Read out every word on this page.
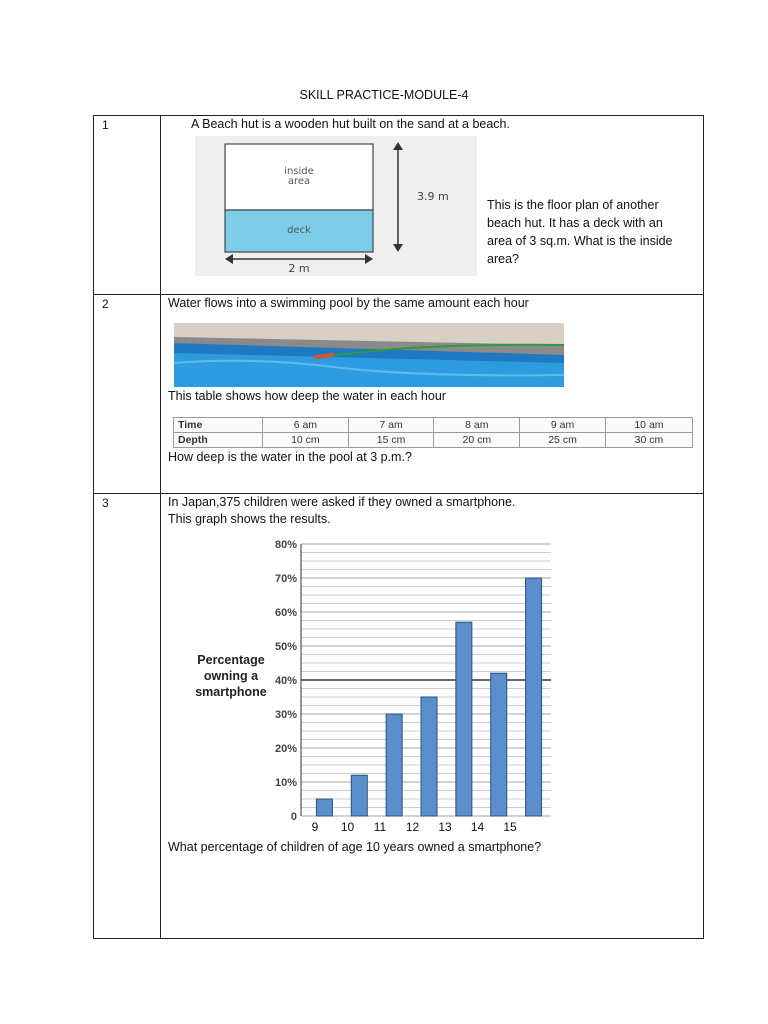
SKILL PRACTICE-MODULE-4
1	A Beach hut is a wooden hut built on the sand at a beach.
inside
area
deck
3.9 m
2 m
This is the floor plan of another beach hut. It has a deck with an area of 3 sq.m. What is the inside area?

2	Water flows into a swimming pool by the same amount each hour
This table shows how deep the water in each hour
Time	6 am	7 am	8 am	9 am	10 am
Depth	10 cm	15 cm	20 cm	25 cm	30 cm
How deep is the water in the pool at 3 p.m.?

3	In Japan,375 children were asked if they owned a smartphone.
This graph shows the results.
0
10%
20%
30%
40%
50%
60%
70%
80%
Percentage
owning a
smartphone
9 10 11 12 13 14 15
What percentage of children of age 10 years owned a smartphone?
